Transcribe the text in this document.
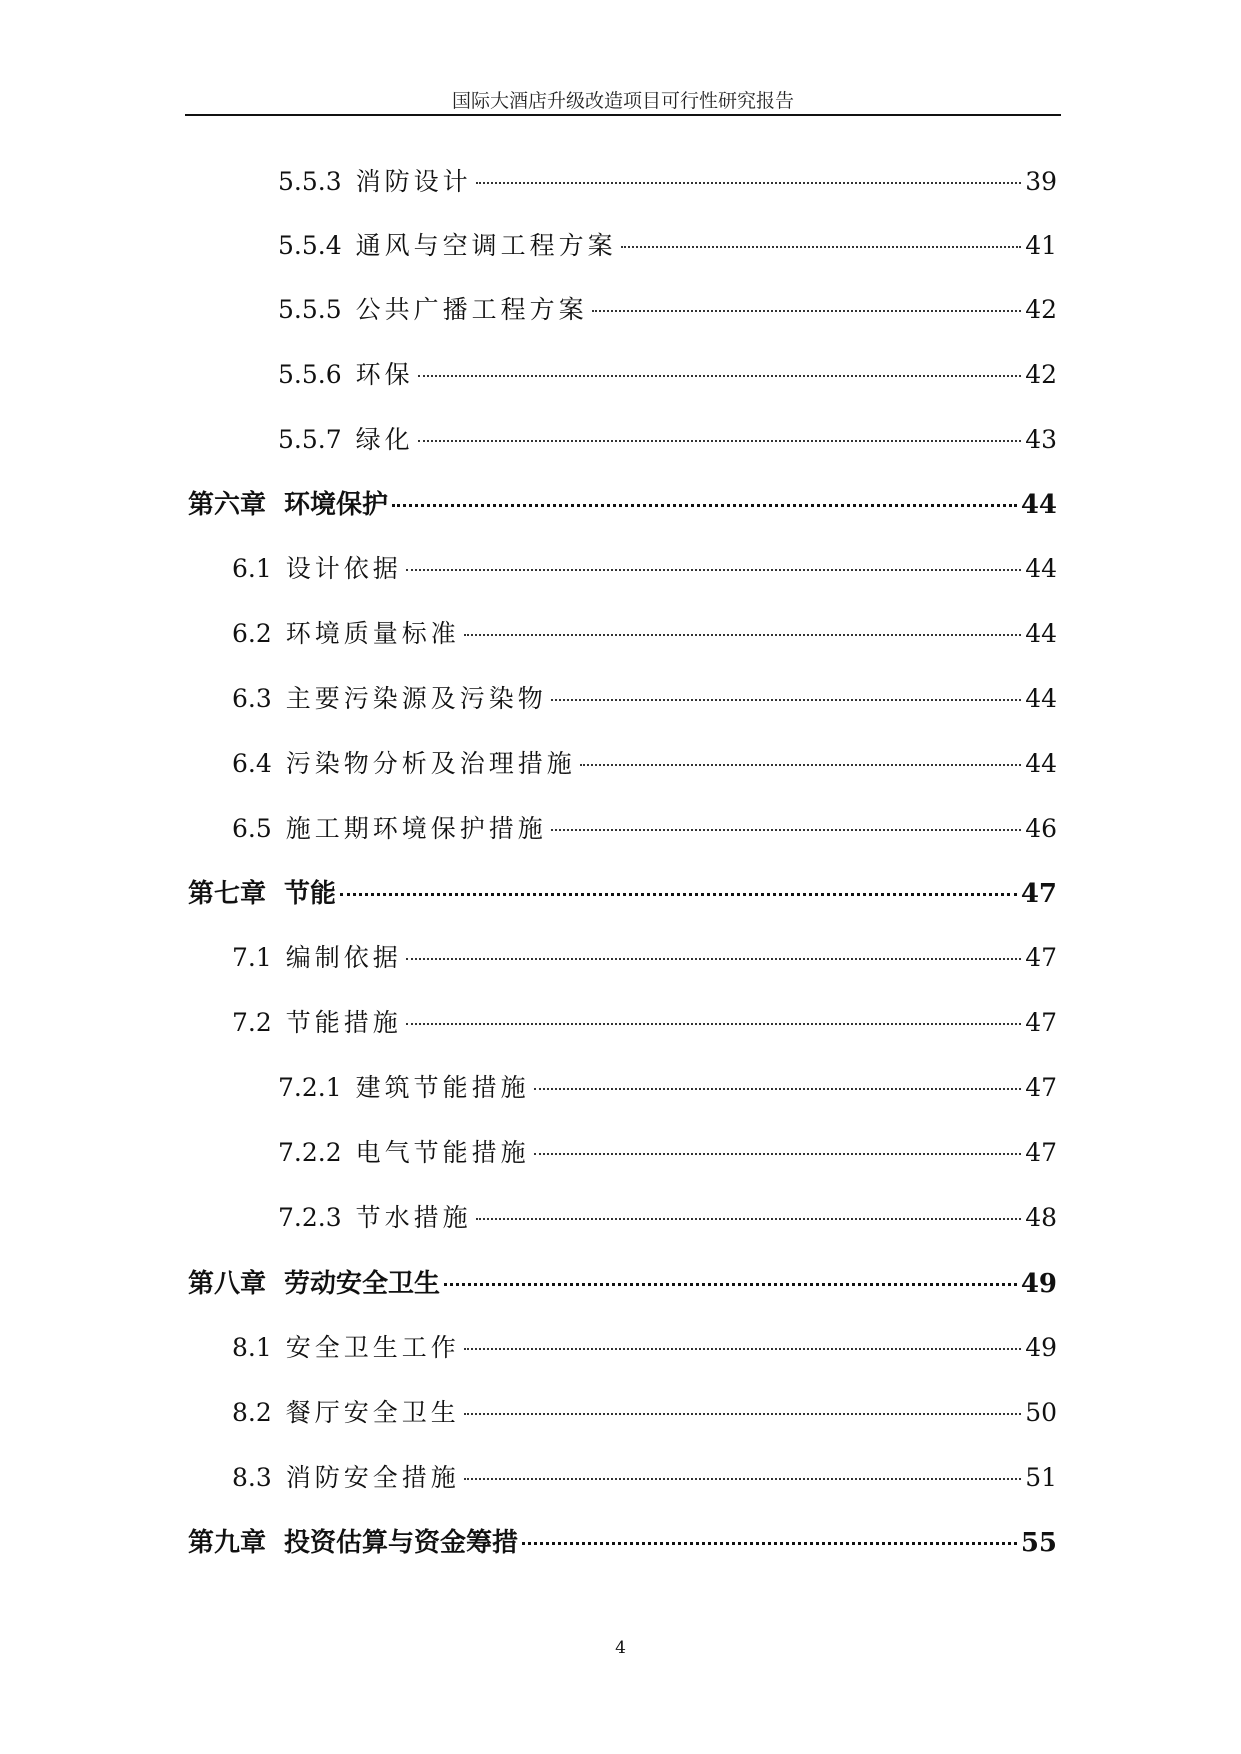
国际大酒店升级改造项目可行性研究报告
5.5.3 消防设计	39
5.5.4 通风与空调工程方案	41
5.5.5 公共广播工程方案	42
5.5.6 环保	42
5.5.7 绿化	43
第六章 环境保护	44
6.1 设计依据	44
6.2 环境质量标准	44
6.3 主要污染源及污染物	44
6.4 污染物分析及治理措施	44
6.5 施工期环境保护措施	46
第七章 节能	47
7.1 编制依据	47
7.2 节能措施	47
7.2.1 建筑节能措施	47
7.2.2 电气节能措施	47
7.2.3 节水措施	48
第八章 劳动安全卫生	49
8.1 安全卫生工作	49
8.2 餐厅安全卫生	50
8.3 消防安全措施	51
第九章 投资估算与资金筹措	55
4
